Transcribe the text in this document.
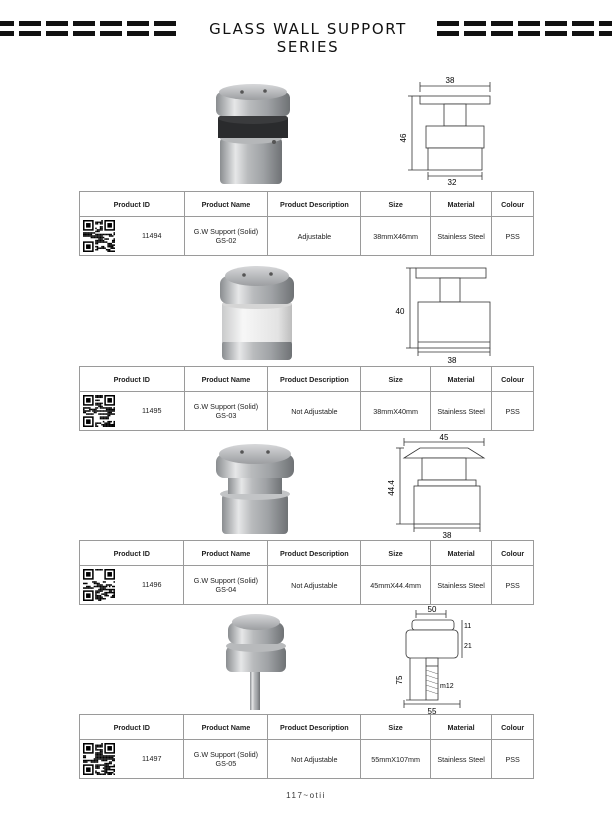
GLASS WALL SUPPORT SERIES
38
46
32
Product ID	Product Name	Product Description	Size	Material	Colour

11494	G.W Support (Solid)
GS-02	Adjustable	38mmX46mm	Stainless Steel	PSS
40
38
Product ID	Product Name	Product Description	Size	Material	Colour

11495	G.W Support (Solid)
GS-03	Not Adjustable	38mmX40mm	Stainless Steel	PSS
45
44.4
38
Product ID	Product Name	Product Description	Size	Material	Colour

11496	G.W Support (Solid)
GS-04	Not Adjustable	45mmX44.4mm	Stainless Steel	PSS
50
11
21
75
m12
55
Product ID	Product Name	Product Description	Size	Material	Colour

11497	G.W Support (Solid)
GS-05	Not Adjustable	55mmX107mm	Stainless Steel	PSS
117~otii
